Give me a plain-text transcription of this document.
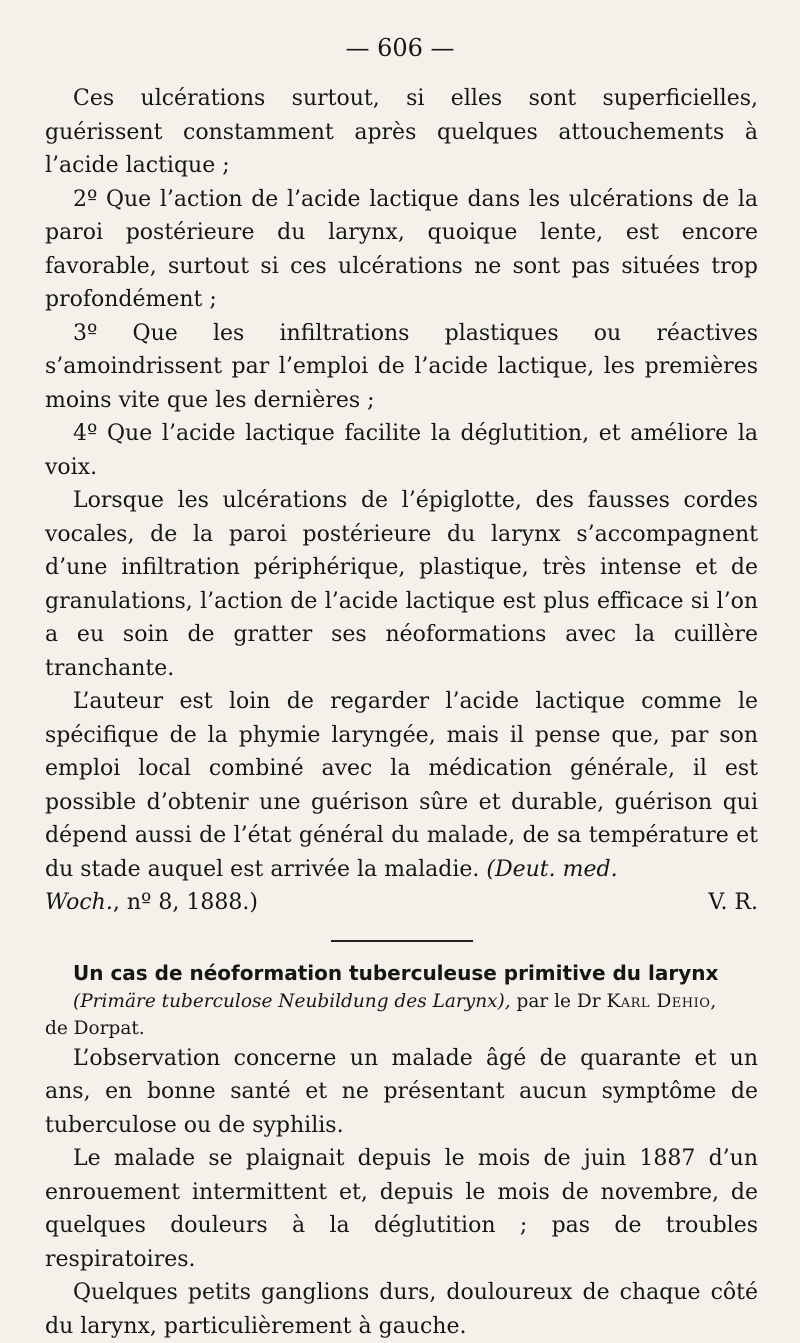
— 606 —

Ces ulcérations surtout, si elles sont superficielles, guérissent constamment après quelques attouchements à l’acide lactique ;

2º Que l’action de l’acide lactique dans les ulcérations de la paroi postérieure du larynx, quoique lente, est encore favorable, surtout si ces ulcérations ne sont pas situées trop profondément ;

3º Que les infiltrations plastiques ou réactives s’amoindrissent par l’emploi de l’acide lactique, les premières moins vite que les dernières ;

4º Que l’acide lactique facilite la déglutition, et améliore la voix.

Lorsque les ulcérations de l’épiglotte, des fausses cordes vocales, de la paroi postérieure du larynx s’accompagnent d’une infiltration périphérique, plastique, très intense et de granulations, l’action de l’acide lactique est plus efficace si l’on a eu soin de gratter ses néoformations avec la cuillère tranchante.

L’auteur est loin de regarder l’acide lactique comme le spécifique de la phymie laryngée, mais il pense que, par son emploi local combiné avec la médication générale, il est possible d’obtenir une guérison sûre et durable, guérison qui dépend aussi de l’état général du malade, de sa température et du stade auquel est arrivée la maladie. (Deut. med.

Woch., nº 8, 1888.)	V. R.

Un cas de néoformation tuberculeuse primitive du larynx

(Primäre tuberculose Neubildung des Larynx), par le Dr Karl Dehio,
de Dorpat.

L’observation concerne un malade âgé de quarante et un ans, en bonne santé et ne présentant aucun symptôme de tuberculose ou de syphilis.

Le malade se plaignait depuis le mois de juin 1887 d’un enrouement intermittent et, depuis le mois de novembre, de quelques douleurs à la déglutition ; pas de troubles respiratoires.

Quelques petits ganglions durs, douloureux de chaque côté du larynx, particulièrement à gauche.
